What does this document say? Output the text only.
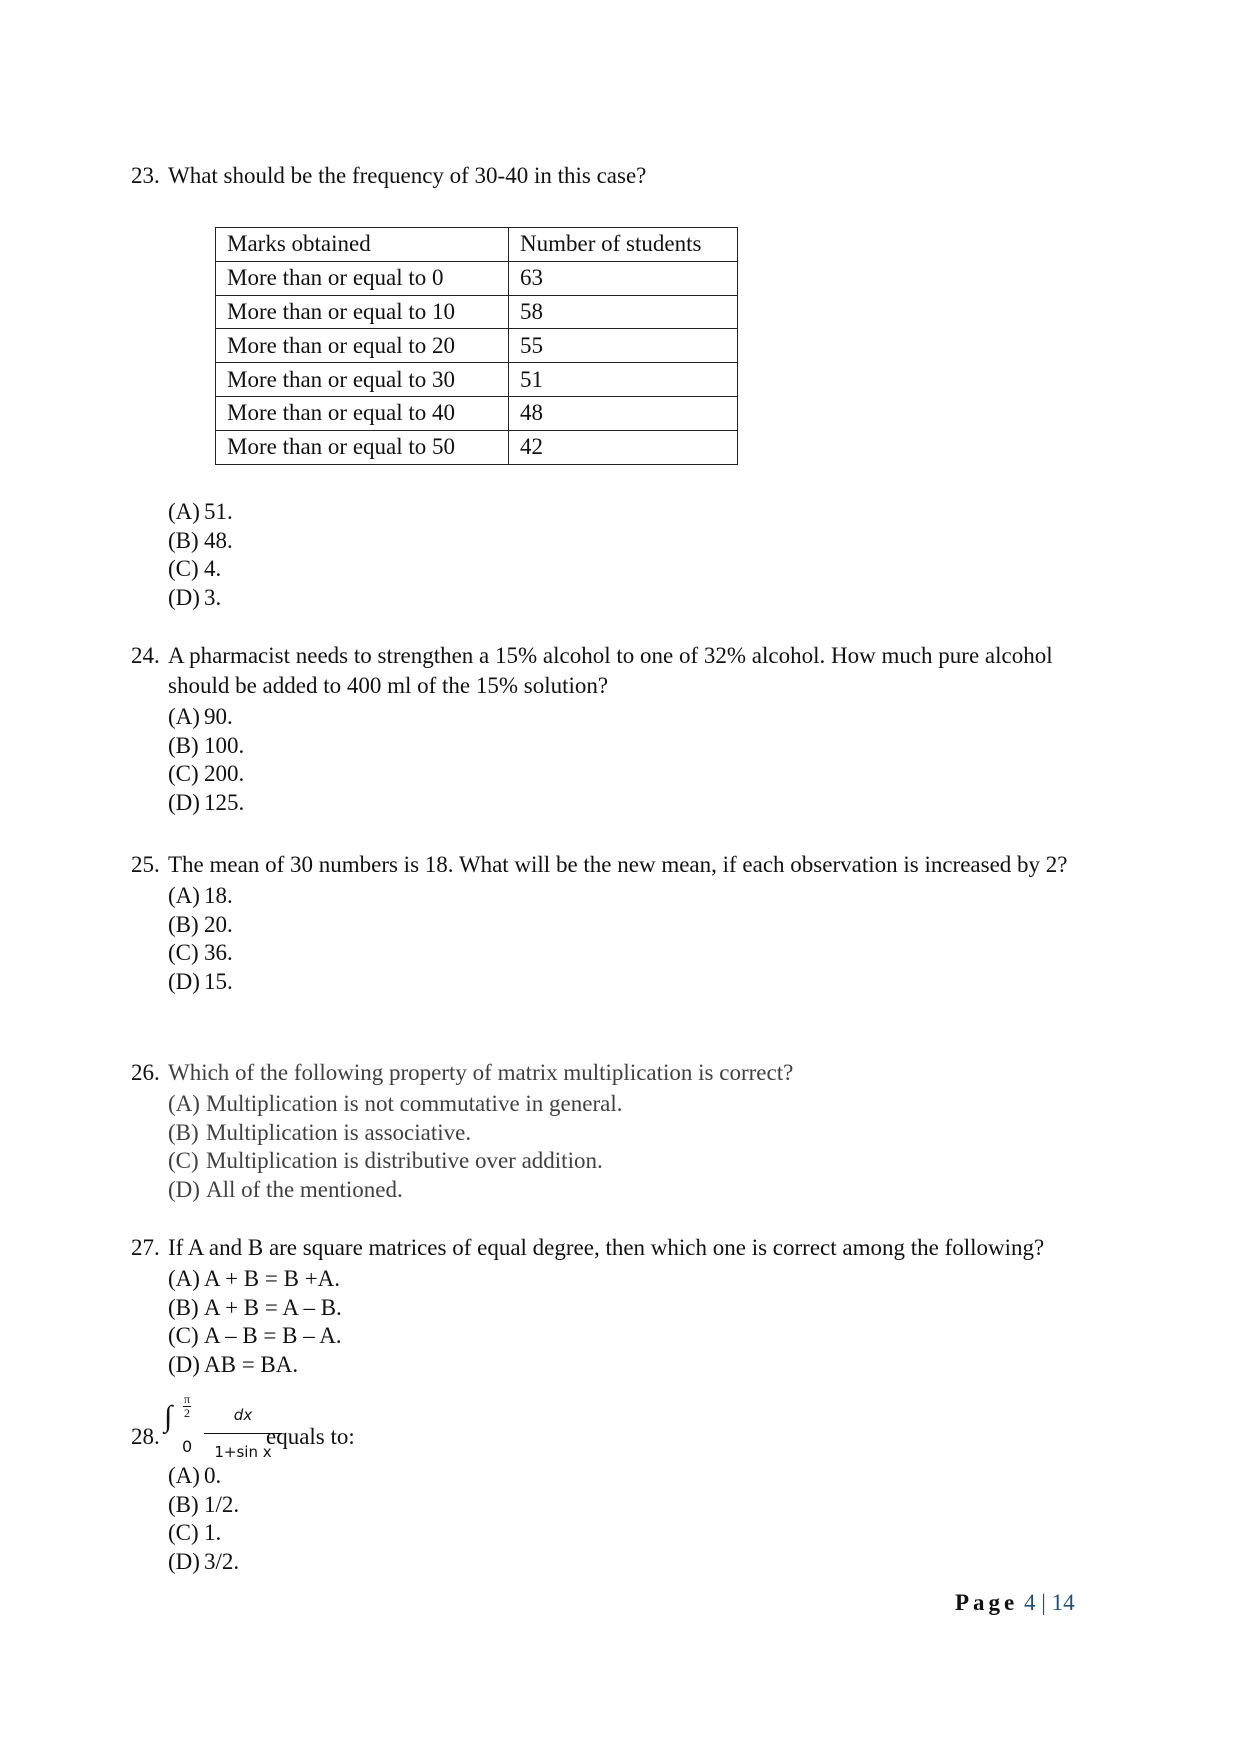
23. What should be the frequency of 30-40 in this case?
Marks obtained	Number of students
More than or equal to 0	63
More than or equal to 10	58
More than or equal to 20	55
More than or equal to 30	51
More than or equal to 40	48
More than or equal to 50	42
(A) 51.
(B) 48.
(C) 4.
(D) 3.
24. A pharmacist needs to strengthen a 15% alcohol to one of 32% alcohol. How much pure alcohol should be added to 400 ml of the 15% solution?
(A) 90.
(B) 100.
(C) 200.
(D) 125.
25. The mean of 30 numbers is 18. What will be the new mean, if each observation is increased by 2?
(A) 18.
(B) 20.
(C) 36.
(D) 15.
26. Which of the following property of matrix multiplication is correct?
(A) Multiplication is not commutative in general.
(B) Multiplication is associative.
(C) Multiplication is distributive over addition.
(D) All of the mentioned.
27. If A and B are square matrices of equal degree, then which one is correct among the following?
(A) A + B = B +A.
(B) A + B = A – B.
(C) A – B = B – A.
(D) AB = BA.
28.
∫
π
2
$0 \frac{dx}{\text{1+sin x}}$
equals to:
(A) 0.
(B) 1/2.
(C) 1.
(D) 3/2.
Page 4 | 14
